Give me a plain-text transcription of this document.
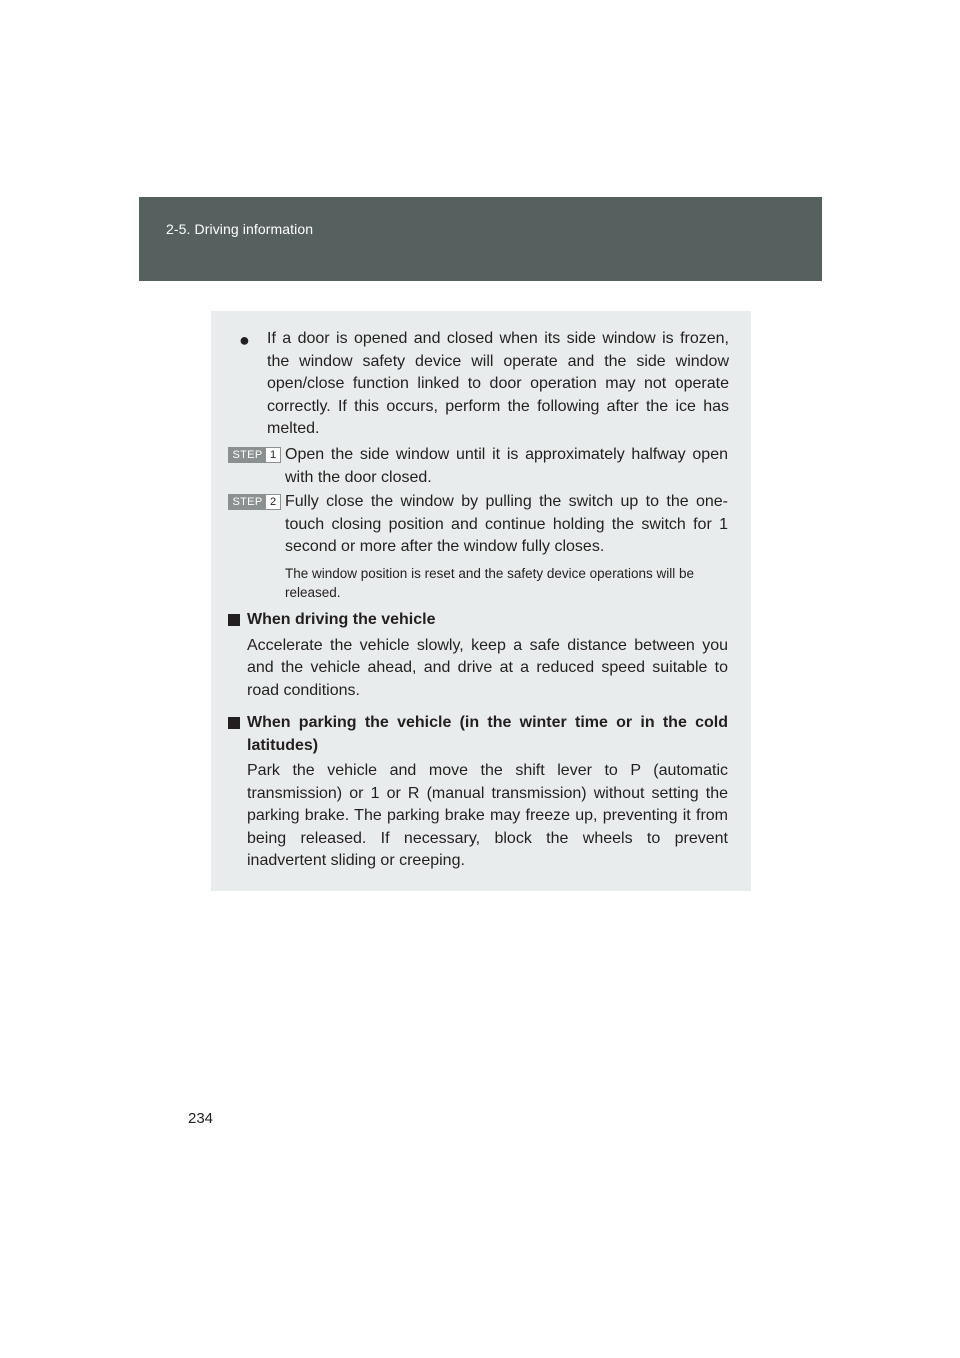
2-5. Driving information
● If a door is opened and closed when its side window is frozen, the window safety device will operate and the side window open/close function linked to door operation may not operate correctly. If this occurs, perform the following after the ice has melted.
STEP 1 Open the side window until it is approximately halfway open with the door closed.
STEP 2 Fully close the window by pulling the switch up to the one-touch closing position and continue holding the switch for 1 second or more after the window fully closes.
The window position is reset and the safety device operations will be released.
When driving the vehicle
Accelerate the vehicle slowly, keep a safe distance between you and the vehicle ahead, and drive at a reduced speed suitable to road conditions.
When parking the vehicle (in the winter time or in the cold latitudes)
Park the vehicle and move the shift lever to P (automatic transmission) or 1 or R (manual transmission) without setting the parking brake. The parking brake may freeze up, preventing it from being released. If necessary, block the wheels to prevent inadvertent sliding or creeping.
234
